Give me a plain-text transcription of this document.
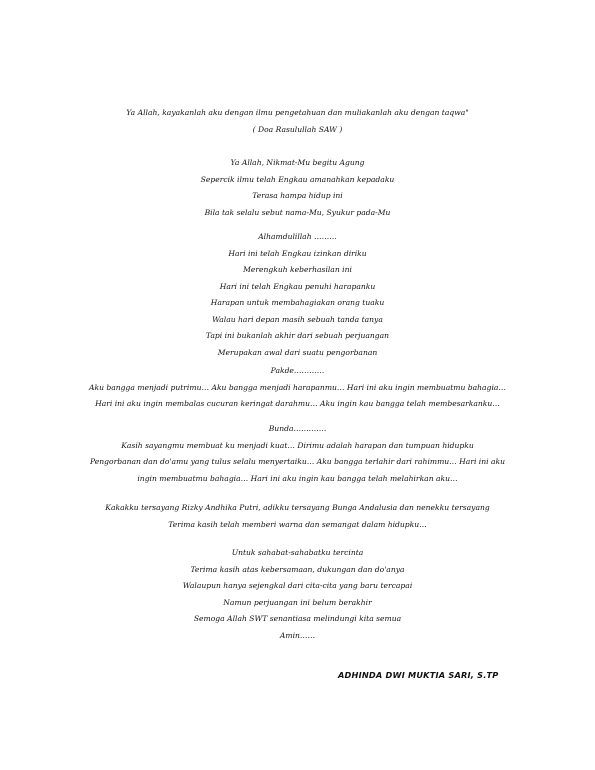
Ya Allah, kayakanlah aku dengan ilmu pengetahuan dan muliakanlah aku dengan taqwa"
( Doa Rasulullah SAW )
Ya Allah, Nikmat-Mu begitu Agung
Sepercik ilmu telah Engkau amanahkan kepadaku
Terasa hampa hidup ini
Bila tak selalu sebut nama-Mu, Syukur pada-Mu
Alhamdulillah ………
Hari ini telah Engkau izinkan diriku
Merengkuh keberhasilan ini
Hari ini telah Engkau penuhi harapanku
Harapan untuk membahagiakan orang tuaku
Walau hari depan masih sebuah tanda tanya
Tapi ini bukanlah akhir dari sebuah perjuangan
Merupakan awal dari suatu pengorbanan
Pakde…………
Aku bangga menjadi putrimu… Aku bangga menjadi harapanmu… Hari ini aku ingin membuatmu bahagia…
Hari ini aku ingin membalas cucuran keringat darahmu… Aku ingin kau bangga telah membesarkanku…
Bunda………….
Kasih sayangmu membuat ku menjadi kuat… Dirimu adalah harapan dan tumpuan hidupku
Pengorbanan dan do'amu yang tulus selalu menyertaiku… Aku bangga terlahir dari rahimmu… Hari ini aku
ingin membuatmu bahagia… Hari ini aku ingin kau bangga telah melahirkan aku…
Kakakku tersayang Rizky Andhika Putri, adikku tersayang Bunga Andalusia dan nenekku tersayang
Terima kasih telah memberi warna dan semangat dalam hidupku…
Untuk sahabat-sahabatku tercinta
Terima kasih atas kebersamaan, dukungan dan do'anya
Walaupun hanya sejengkal dari cita-cita yang baru tercapai
Namun perjuangan ini belum berakhir
Semoga Allah SWT senantiasa melindungi kita semua
Amin……
ADHINDA DWI MUKTIA SARI, S.TP
